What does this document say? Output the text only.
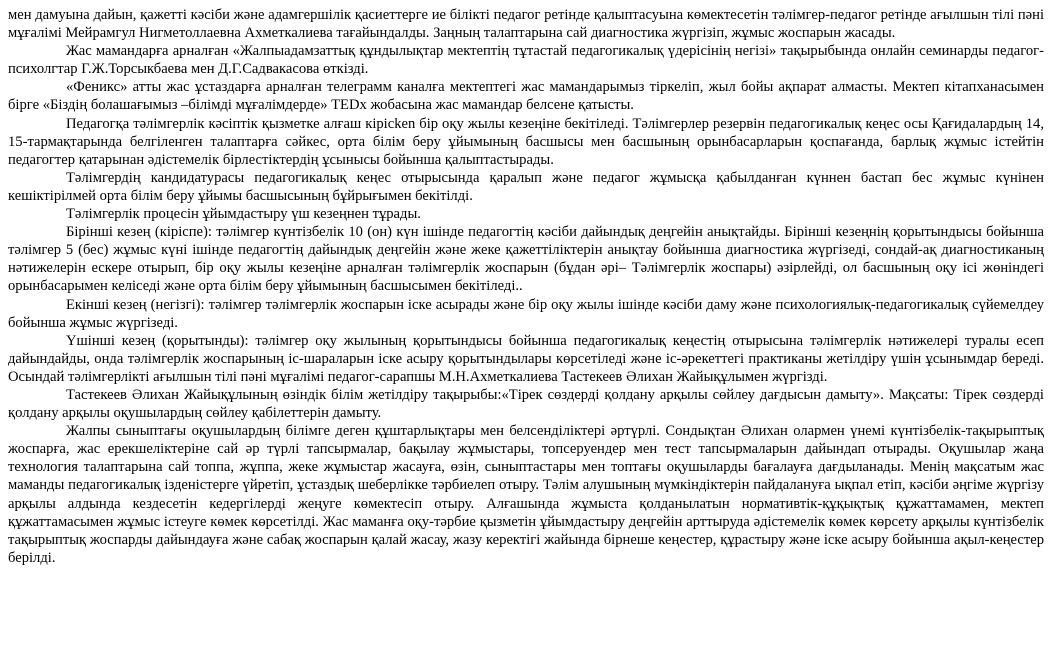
мен дамуына дайын, қажетті кәсіби және адамгершілік қасиеттерге ие білікті педагог ретінде қалыптасуына көмектесетін тәлімгер-педагог ретінде ағылшын тілі пәні мұғалімі Мейрамгул Нигметоллаевна Ахметкалиева тағайындалды. Заңның талаптарына сай диагностика жүргізіп, жұмыс жоспарын жасады.

Жас мамандарға арналған «Жалпыадамзаттық құндылықтар мектептің тұтастай педагогикалық үдерісінің негізі» тақырыбында онлайн семинарды педагог-психолгтар Г.Ж.Торсыкбаева мен Д.Г.Садвакасова өткізді.

«Феникс» атты жас ұстаздарға арналған телеграмм каналға мектептегі жас мамандарымыз тіркеліп, жыл бойы ақпарат алмасты. Мектеп кітапханасымен бірге «Біздің болашағымыз –білімді мұғалімдерде» TEDх жобасына жас мамандар белсене қатысты.

Педагогқа тәлімгерлік кәсіптік қызметке алғаш кірісken бір оқу жылы кезеңіне бекітіледі. Тәлімгерлер резервін педагогикалық кеңес осы Қағидалардың 14, 15-тармақтарында белгіленген талаптарға сәйкес, орта білім беру ұйымының басшысы мен басшының орынбасарларын қоспағанда, барлық жұмыс істейтін педагогтер қатарынан әдістемелік бірлестіктердің ұсынысы бойынша қалыптастырады.

Тәлімгердің кандидатурасы педагогикалық кеңес отырысында қаралып және педагог жұмысқа қабылданған күннен бастап бес жұмыс күнінен кешіктірілмей орта білім беру ұйымы басшысының бұйрығымен бекітілді.

Тәлімгерлік процесін ұйымдастыру үш кезеңнен тұрады.

Бірінші кезең (кіріспе): тәлімгер күнтізбелік 10 (он) күн ішінде педагогтің кәсіби дайындық деңгейін анықтайды. Бірінші кезеңнің қорытындысы бойынша тәлімгер 5 (бес) жұмыс күні ішінде педагогтің дайындық деңгейін және жеке қажеттіліктерін анықтау бойынша диагностика жүргізеді, сондай-ақ диагностиканың нәтижелерін ескере отырып, бір оқу жылы кезеңіне арналған тәлімгерлік жоспарын (бұдан әрі– Тәлімгерлік жоспары) әзірлейді, ол басшының оқу ісі жөніндегі орынбасарымен келіседі және орта білім беру ұйымының басшысымен бекітіледі..

Екінші кезең (негізгі): тәлімгер тәлімгерлік жоспарын іске асырады және бір оқу жылы ішінде кәсіби даму және психологиялық-педагогикалық сүйемелдеу бойынша жұмыс жүргізеді.

Үшінші кезең (қорытынды): тәлімгер оқу жылының қорытындысы бойынша педагогикалық кеңестің отырысына тәлімгерлік нәтижелері туралы есеп дайындайды, онда тәлімгерлік жоспарының іс-шараларын іске асыру қорытындылары көрсетіледі және іс-әрекеттегі практиканы жетілдіру үшін ұсынымдар береді. Осындай тәлімгерлікті ағылшын тілі пәні мұғалімі педагог-сарапшы М.Н.Ахметкалиева Тастекеев Әлихан Жайықұлымен жүргізді.

Тастекеев Әлихан Жайықұлының өзіндік білім жетілдіру тақырыбы:«Тірек сөздерді қолдану арқылы сөйлеу дағдысын дамыту». Мақсаты: Тірек сөздерді қолдану арқылы оқушылардың сөйлеу қабілеттерін дамыту.

Жалпы сыныптағы оқушылардың білімге деген құштарлықтары мен белсенділіктері әртүрлі. Сондықтан Әлихан олармен үнемі күнтізбелік-тақырыптық жоспарға, жас ерекшеліктеріне сай әр түрлі тапсырмалар, бақылау жұмыстары, топсеруендер мен тест тапсырмаларын дайындап отырады. Оқушылар жаңа технология талаптарына сай топпа, жұппа, жеке жұмыстар жасауға, өзін, сыныптастары мен топтағы оқушыларды бағалауға дағдыланады. Менің мақсатым жас маманды педагогикалық ізденістерге үйретіп, ұстаздық шеберлікке тәрбиелеп отыру. Тәлім алушының мүмкіндіктерін пайдалануға ықпал етіп, кәсіби әңгіме жүргізу арқылы алдында кездесетін кедергілерді жеңуге көмектесіп отыру. Алғашында жұмыста қолданылатын нормативтік-құқықтық құжаттамамен, мектеп құжаттамасымен жұмыс істеуге көмек көрсетілді. Жас маманға оқу-тәрбие қызметін ұйымдастыру деңгейін арттыруда әдістемелік көмек көрсету арқылы күнтізбелік тақырыптық жоспарды дайындауға және сабақ жоспарын қалай жасау, жазу керектігі жайында бірнеше кеңестер, құрастыру және іске асыру бойынша ақыл-кеңестер берілді.
